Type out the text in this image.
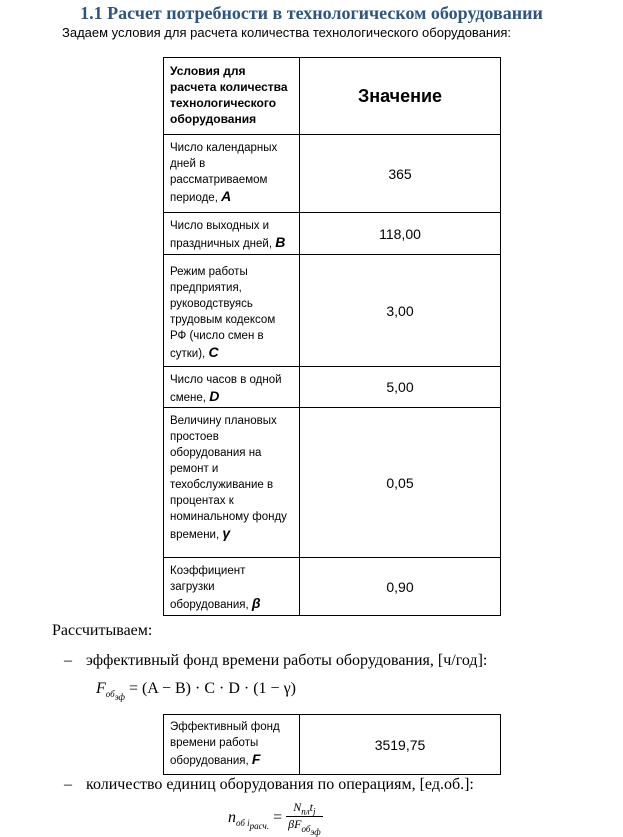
1.1 Расчет потребности в технологическом оборудовании
Задаем условия для расчета количества технологического оборудования:
Условия для расчета количества технологического оборудования	Значение
Число календарных дней в рассматриваемом периоде, A	365
Число выходных и праздничных дней, B	118,00
Режим работы предприятия, руководствуясь трудовым кодексом РФ (число смен в сутки), C	3,00
Число часов в одной смене, D	5,00
Величину плановых простоев оборудования на ремонт и техобслуживание в процентах к номинальному фонду времени, γ	0,05
Коэффициент загрузки оборудования, β	0,90
Рассчитываем:
– эффективный фонд времени работы оборудования, [ч/год]:
$F_{об_{эф}} = (A - B) \cdot C \cdot D \cdot (1 - \gamma)$
Эффективный фонд времени работы оборудования, F	3519,75
– количество единиц оборудования по операциям, [ед.об.]:
$n_{об i_{расч.}} = \frac{N_{пл}t_j}{\beta F_{об_{эф}}}$
